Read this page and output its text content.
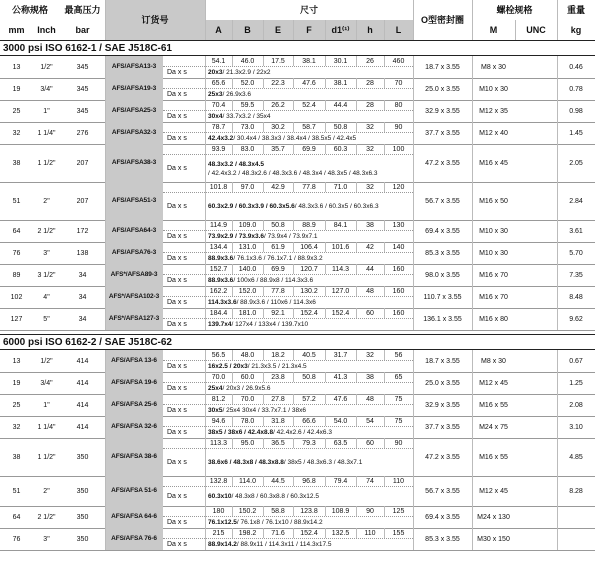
公称规格
mm	Inch
最高压力
bar
订货号
尺寸
A	B	E	F	d1⁽¹⁾	h	L
O型密封圈
螺栓规格
M	UNC
重量
kg
3000 psi ISO 6162-1 / SAE J518C-61
13	1/2"	345	AFS/AFSA13-3
54.1	46.0	17.5	38.1	30.1	26	460
Da x s	20x3 / 21.3x2.9 / 22x2
18.7 x 3.55	M8 x 30	0.46
19	3/4"	345	AFS/AFSA19-3
65.6	52.0	22.3	47.6	38.1	28	70
Da x s	25x3 / 26.9x3.6
25.0 x 3.55	M10 x 30	0.78
25	1"	345	AFS/AFSA25-3
70.4	59.5	26.2	52.4	44.4	28	80
Da x s	30x4 / 33.7x3.2 / 35x4
32.9 x 3.55	M12 x 35	0.98
32	1 1/4"	276	AFS/AFSA32-3
78.7	73.0	30.2	58.7	50.8	32	90
Da x s	42.4x3.2 / 30.4x4 / 38.3x3 / 38.4x4 / 38.5x5 / 42.4x5
37.7 x 3.55	M12 x 40	1.45
38	1 1/2"	207	AFS/AFSA38-3
93.9	83.0	35.7	69.9	60.3	32	100
Da x s
48.3x3.2 / 48.3x4.5
/ 42.4x3.2 / 48.3x2.6 / 48.3x3.6 / 48.3x4 / 48.3x5 / 48.3x6.3
47.2 x 3.55	M16 x 45	2.05
51	2"	207	AFS/AFSA51-3
101.8	97.0	42.9	77.8	71.0	32	120
Da x s	60.3x2.9 / 60.3x3.9 / 60.3x5.6 / 48.3x3.6 / 60.3x5 / 60.3x6.3
56.7 x 3.55	M16 x 50	2.84
64	2 1/2"	172	AFS/AFSA64-3
114.9	109.0	50.8	88.9	84.1	38	130
Da x s	73.9x2.9 / 73.9x3.6 / 73.9x4 / 73.9x7.1
69.4 x 3.55	M10 x 30	3.61
76	3"	138	AFS/AFSA76-3
134.4	131.0	61.9	106.4	101.6	42	140
Da x s	88.9x3.6 / 76.1x3.6 / 76.1x7.1 / 88.9x3.2
85.3 x 3.55	M10 x 30	5.70
89	3 1/2"	34	AFS*/AFSA89-3
152.7	140.0	69.9	120.7	114.3	44	160
Da x s	88.9x3.6 / 100x6 / 88.9x8 / 114.3x3.6
98.0 x 3.55	M16 x 70	7.35
102	4"	34	AFS*/AFSA102-3
162.2	152.0	77.8	130.2	127.0	48	160
Da x s	114.3x3.6 / 88.9x3.6 / 110x6 / 114.3x6
110.7 x 3.55	M16 x 70	8.48
127	5"	34	AFS*/AFSA127-3
184.4	181.0	92.1	152.4	152.4	60	160
Da x s	139.7x4 / 127x4 / 133x4 / 139.7x10
136.1 x 3.55	M16 x 80	9.62
6000 psi ISO 6162-2 / SAE J518C-62
13	1/2"	414	AFS/AFSA 13-6
56.5	48.0	18.2	40.5	31.7	32	56
Da x s	16x2.5 / 20x3 / 21.3x3.5 / 21.3x4.5
18.7 x 3.55	M8 x 30	0.67
19	3/4"	414	AFS/AFSA 19-6
70.0	60.0	23.8	50.8	41.3	38	65
Da x s	25x4 / 20x3 / 26.9x5.6
25.0 x 3.55	M12 x 45	1.25
25	1"	414	AFS/AFSA 25-6
81.2	70.0	27.8	57.2	47.6	48	75
Da x s	30x5 / 25x4 30x4 / 33.7x7.1 / 38x6
32.9 x 3.55	M16 x 55	2.08
32	1 1/4"	414	AFS/AFSA 32-6
94.6	78.0	31.8	66.6	54.0	54	75
Da x s	38x5 / 38x6 / 42.4x8.8 / 42.4x2.6 / 42.4x6.3
37.7 x 3.55	M24 x 75	3.10
38	1 1/2"	350	AFS/AFSA 38-6
113.3	95.0	36.5	79.3	63.5	60	90
Da x s	38.6x6 / 48.3x8 / 48.3x8.8 / 38x5 / 48.3x6.3 / 48.3x7.1
47.2 x 3.55	M16 x 55	4.85
51	2"	350	AFS/AFSA 51-6
132.8	114.0	44.5	96.8	79.4	74	110
Da x s	60.3x10 / 48.3x8 / 60.3x8.8 / 60.3x12.5
56.7 x 3.55	M12 x 45	8.28
64	2 1/2"	350	AFS/AFSA 64-6
180	150.2	58.8	123.8	108.9	90	125
Da x s	76.1x12.5 / 76.1x8 / 76.1x10 / 88.9x14.2
69.4 x 3.55	M24 x 130
76	3"	350	AFS/AFSA 76-6
215	198.2	71.6	152.4	132.5	110	155
Da x s	88.9x14.2 / 88.9x11 / 114.3x11 / 114.3x17.5
85.3 x 3.55	M30 x 150
